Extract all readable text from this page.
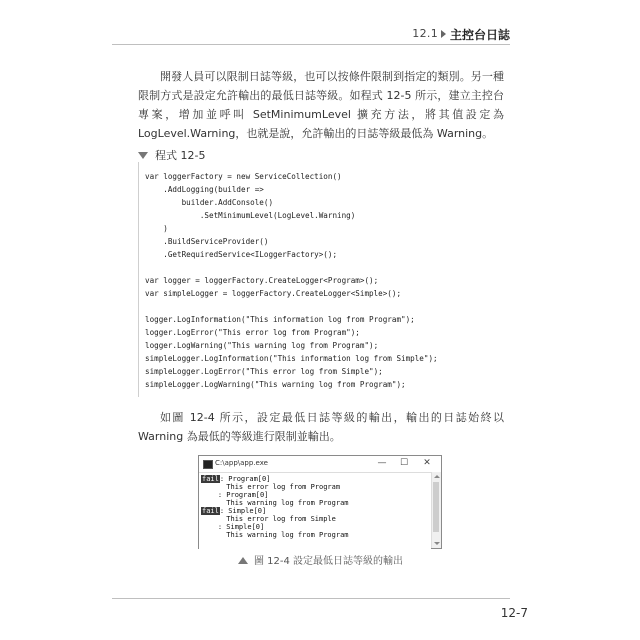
12.1 主控台日誌

開發人員可以限制日誌等級，也可以按條件限制到指定的類別。另一種限制方式是設定允許輸出的最低日誌等級。如程式 12-5 所示，建立主控台專案，增加並呼叫 SetMinimumLevel 擴充方法，將其值設定為 LogLevel.Warning，也就是說，允許輸出的日誌等級最低為 Warning。

程式 12-5
var loggerFactory = new ServiceCollection()
.AddLogging(builder =>
builder.AddConsole()
.SetMinimumLevel(LogLevel.Warning)
)
.BuildServiceProvider()
.GetRequiredService<ILoggerFactory>();
var logger = loggerFactory.CreateLogger<Program>();
var simpleLogger = loggerFactory.CreateLogger<Simple>();
logger.LogInformation("This information log from Program");
logger.LogError("This error log from Program");
logger.LogWarning("This warning log from Program");
simpleLogger.LogInformation("This information log from Simple");
simpleLogger.LogError("This error log from Simple");
simpleLogger.LogWarning("This warning log from Program");

如圖 12-4 所示，設定最低日誌等級的輸出，輸出的日誌始終以 Warning 為最低的等級進行限制並輸出。

C:\app\app.exe	—	☐	✕
fail: Program[0]
This error log from Program
: Program[0]
This warning log from Program
fail: Simple[0]
This error log from Simple
: Simple[0]
This warning log from Program
圖 12-4 設定最低日誌等級的輸出
12-7
